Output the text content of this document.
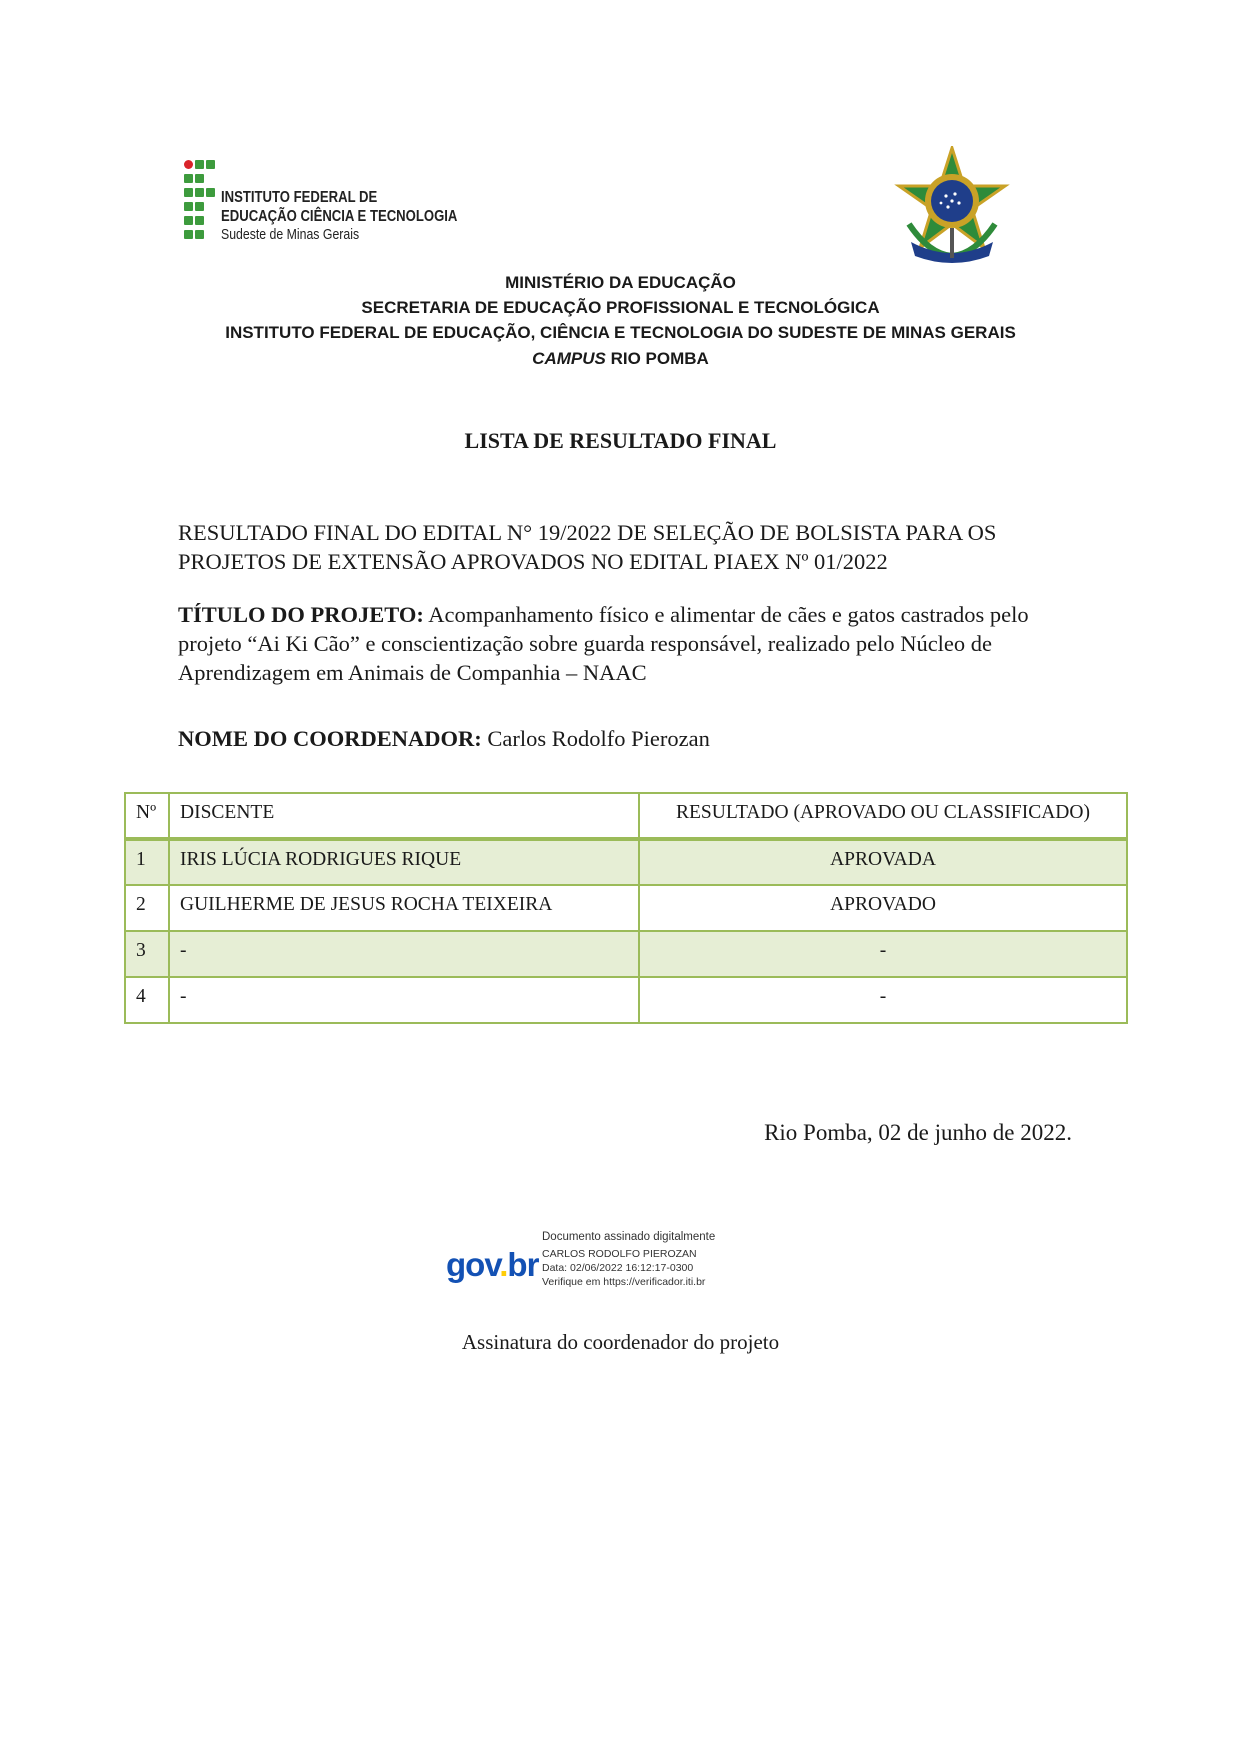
INSTITUTO FEDERAL DE
EDUCAÇÃO CIÊNCIA E TECNOLOGIA
Sudeste de Minas Gerais
MINISTÉRIO DA EDUCAÇÃO
SECRETARIA DE EDUCAÇÃO PROFISSIONAL E TECNOLÓGICA
INSTITUTO FEDERAL DE EDUCAÇÃO, CIÊNCIA E TECNOLOGIA DO SUDESTE DE MINAS GERAIS
CAMPUS RIO POMBA
LISTA DE RESULTADO FINAL
RESULTADO FINAL DO EDITAL N° 19/2022 DE SELEÇÃO DE BOLSISTA PARA OS PROJETOS DE EXTENSÃO APROVADOS NO EDITAL PIAEX Nº 01/2022
TÍTULO DO PROJETO: Acompanhamento físico e alimentar de cães e gatos castrados pelo projeto “Ai Ki Cão” e conscientização sobre guarda responsável, realizado pelo Núcleo de Aprendizagem em Animais de Companhia – NAAC
NOME DO COORDENADOR: Carlos Rodolfo Pierozan
Nº	DISCENTE	RESULTADO (APROVADO OU CLASSIFICADO)
1	IRIS LÚCIA RODRIGUES RIQUE	APROVADA
2	GUILHERME DE JESUS ROCHA TEIXEIRA	APROVADO
3	-	-
4	-	-
Rio Pomba, 02 de junho de 2022.
gov.br
Documento assinado digitalmente
CARLOS RODOLFO PIEROZAN
Data: 02/06/2022 16:12:17-0300
Verifique em https://verificador.iti.br
Assinatura do coordenador do projeto
